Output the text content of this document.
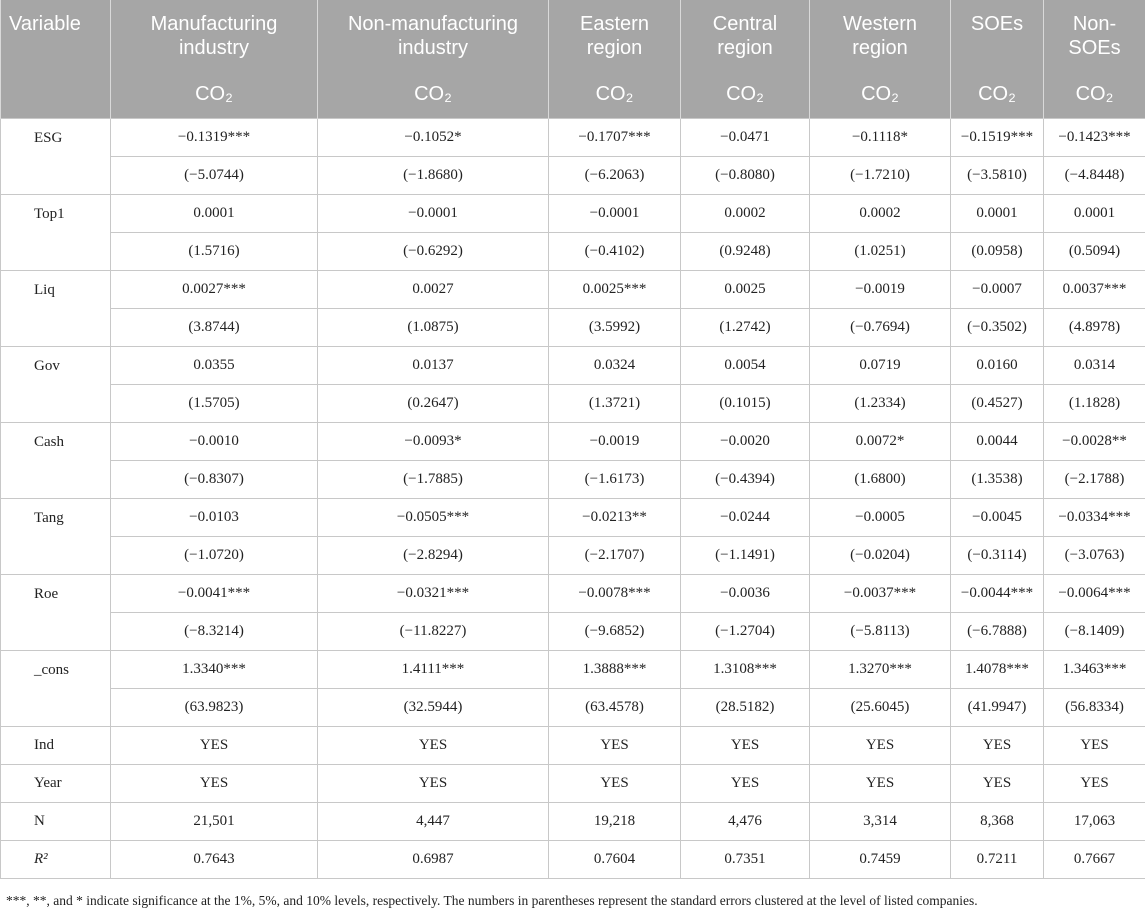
Variable	Manufacturing industry	Non-manufacturing industry	Eastern region	Central region	Western region	SOEs	Non-SOEs
	CO₂	CO₂	CO₂	CO₂	CO₂	CO₂	CO₂
ESG	−0.1319***	−0.1052*	−0.1707***	−0.0471	−0.1118*	−0.1519***	−0.1423***
	(−5.0744)	(−1.8680)	(−6.2063)	(−0.8080)	(−1.7210)	(−3.5810)	(−4.8448)
Top1	0.0001	−0.0001	−0.0001	0.0002	0.0002	0.0001	0.0001
	(1.5716)	(−0.6292)	(−0.4102)	(0.9248)	(1.0251)	(0.0958)	(0.5094)
Liq	0.0027***	0.0027	0.0025***	0.0025	−0.0019	−0.0007	0.0037***
	(3.8744)	(1.0875)	(3.5992)	(1.2742)	(−0.7694)	(−0.3502)	(4.8978)
Gov	0.0355	0.0137	0.0324	0.0054	0.0719	0.0160	0.0314
	(1.5705)	(0.2647)	(1.3721)	(0.1015)	(1.2334)	(0.4527)	(1.1828)
Cash	−0.0010	−0.0093*	−0.0019	−0.0020	0.0072*	0.0044	−0.0028**
	(−0.8307)	(−1.7885)	(−1.6173)	(−0.4394)	(1.6800)	(1.3538)	(−2.1788)
Tang	−0.0103	−0.0505***	−0.0213**	−0.0244	−0.0005	−0.0045	−0.0334***
	(−1.0720)	(−2.8294)	(−2.1707)	(−1.1491)	(−0.0204)	(−0.3114)	(−3.0763)
Roe	−0.0041***	−0.0321***	−0.0078***	−0.0036	−0.0037***	−0.0044***	−0.0064***
	(−8.3214)	(−11.8227)	(−9.6852)	(−1.2704)	(−5.8113)	(−6.7888)	(−8.1409)
_cons	1.3340***	1.4111***	1.3888***	1.3108***	1.3270***	1.4078***	1.3463***
	(63.9823)	(32.5944)	(63.4578)	(28.5182)	(25.6045)	(41.9947)	(56.8334)
Ind	YES	YES	YES	YES	YES	YES	YES
Year	YES	YES	YES	YES	YES	YES	YES
N	21,501	4,447	19,218	4,476	3,314	8,368	17,063
R²	0.7643	0.6987	0.7604	0.7351	0.7459	0.7211	0.7667
***, **, and * indicate significance at the 1%, 5%, and 10% levels, respectively. The numbers in parentheses represent the standard errors clustered at the level of listed companies.
